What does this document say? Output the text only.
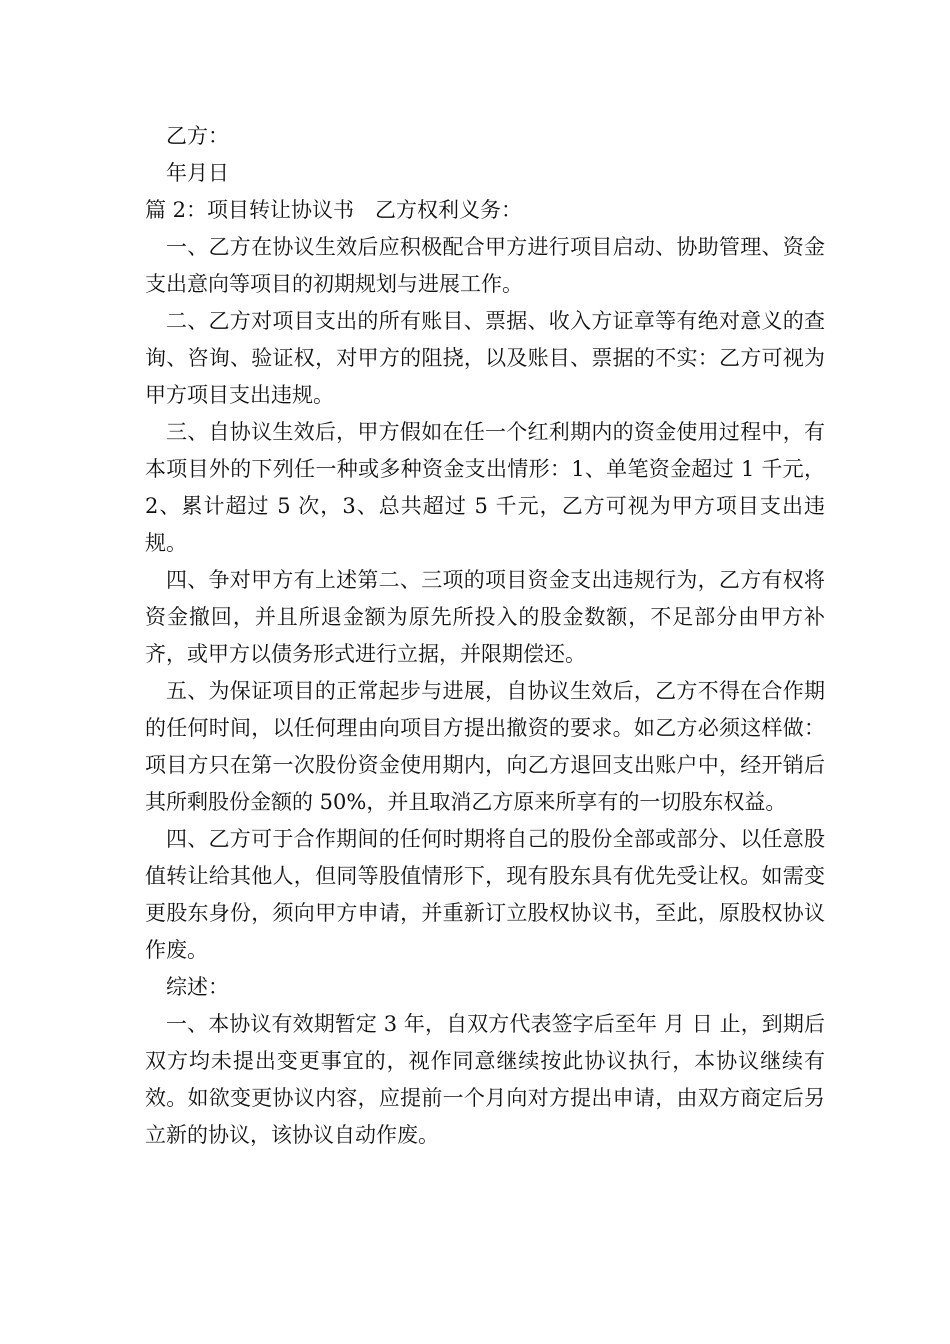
乙方：

年月日

篇 2：项目转让协议书　乙方权利义务：

一、乙方在协议生效后应积极配合甲方进行项目启动、协助管理、资金支出意向等项目的初期规划与进展工作。

二、乙方对项目支出的所有账目、票据、收入方证章等有绝对意义的查询、咨询、验证权，对甲方的阻挠，以及账目、票据的不实：乙方可视为甲方项目支出违规。

三、自协议生效后，甲方假如在任一个红利期内的资金使用过程中，有本项目外的下列任一种或多种资金支出情形：1、单笔资金超过 1 千元，2、累计超过 5 次，3、总共超过 5 千元，乙方可视为甲方项目支出违规。

四、争对甲方有上述第二、三项的项目资金支出违规行为，乙方有权将资金撤回，并且所退金额为原先所投入的股金数额，不足部分由甲方补齐，或甲方以债务形式进行立据，并限期偿还。

五、为保证项目的正常起步与进展，自协议生效后，乙方不得在合作期的任何时间，以任何理由向项目方提出撤资的要求。如乙方必须这样做：项目方只在第一次股份资金使用期内，向乙方退回支出账户中，经开销后其所剩股份金额的 50%，并且取消乙方原来所享有的一切股东权益。

四、乙方可于合作期间的任何时期将自己的股份全部或部分、以任意股值转让给其他人，但同等股值情形下，现有股东具有优先受让权。如需变更股东身份，须向甲方申请，并重新订立股权协议书，至此，原股权协议作废。

综述：

一、本协议有效期暂定 3 年，自双方代表签字后至年 月 日 止，到期后双方均未提出变更事宜的，视作同意继续按此协议执行，本协议继续有效。如欲变更协议内容，应提前一个月向对方提出申请，由双方商定后另立新的协议，该协议自动作废。
